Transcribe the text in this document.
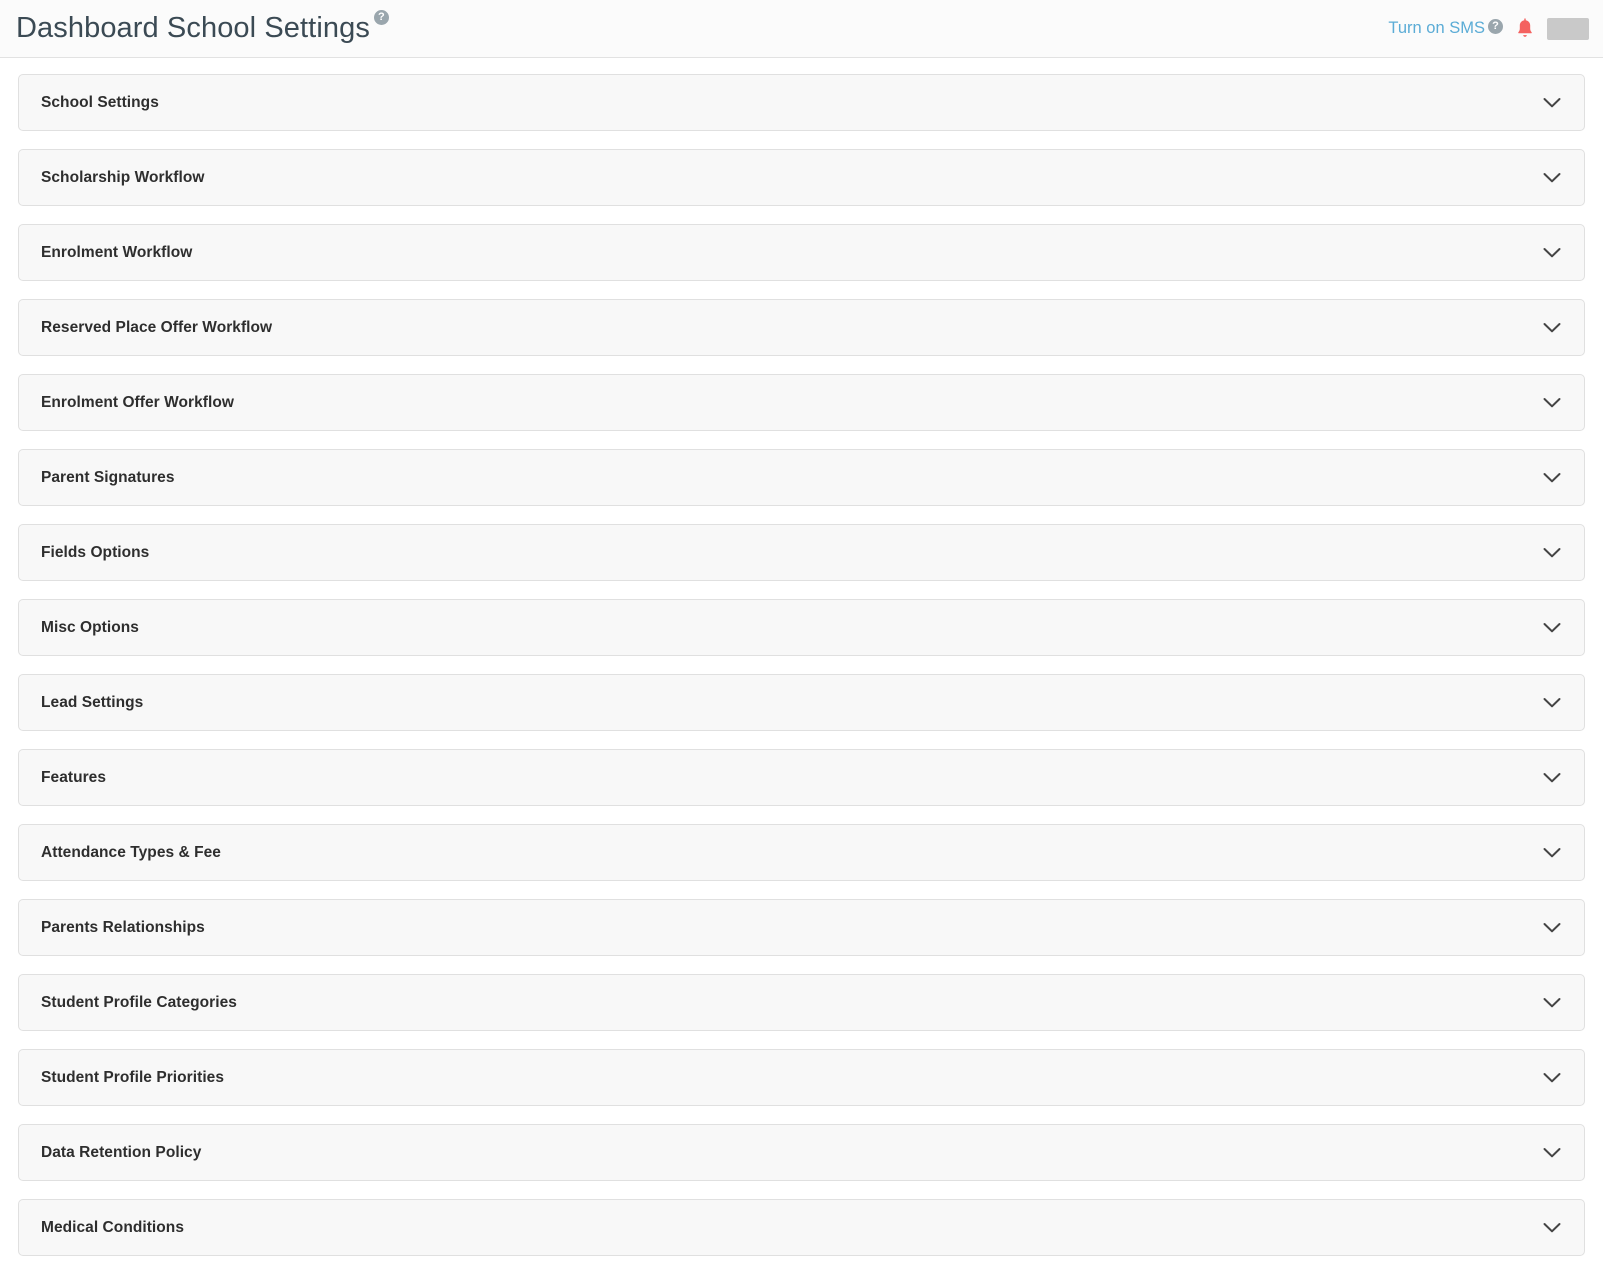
Dashboard School Settings ?
Turn on SMS ?
School Settings
Scholarship Workflow
Enrolment Workflow
Reserved Place Offer Workflow
Enrolment Offer Workflow
Parent Signatures
Fields Options
Misc Options
Lead Settings
Features
Attendance Types & Fee
Parents Relationships
Student Profile Categories
Student Profile Priorities
Data Retention Policy
Medical Conditions
